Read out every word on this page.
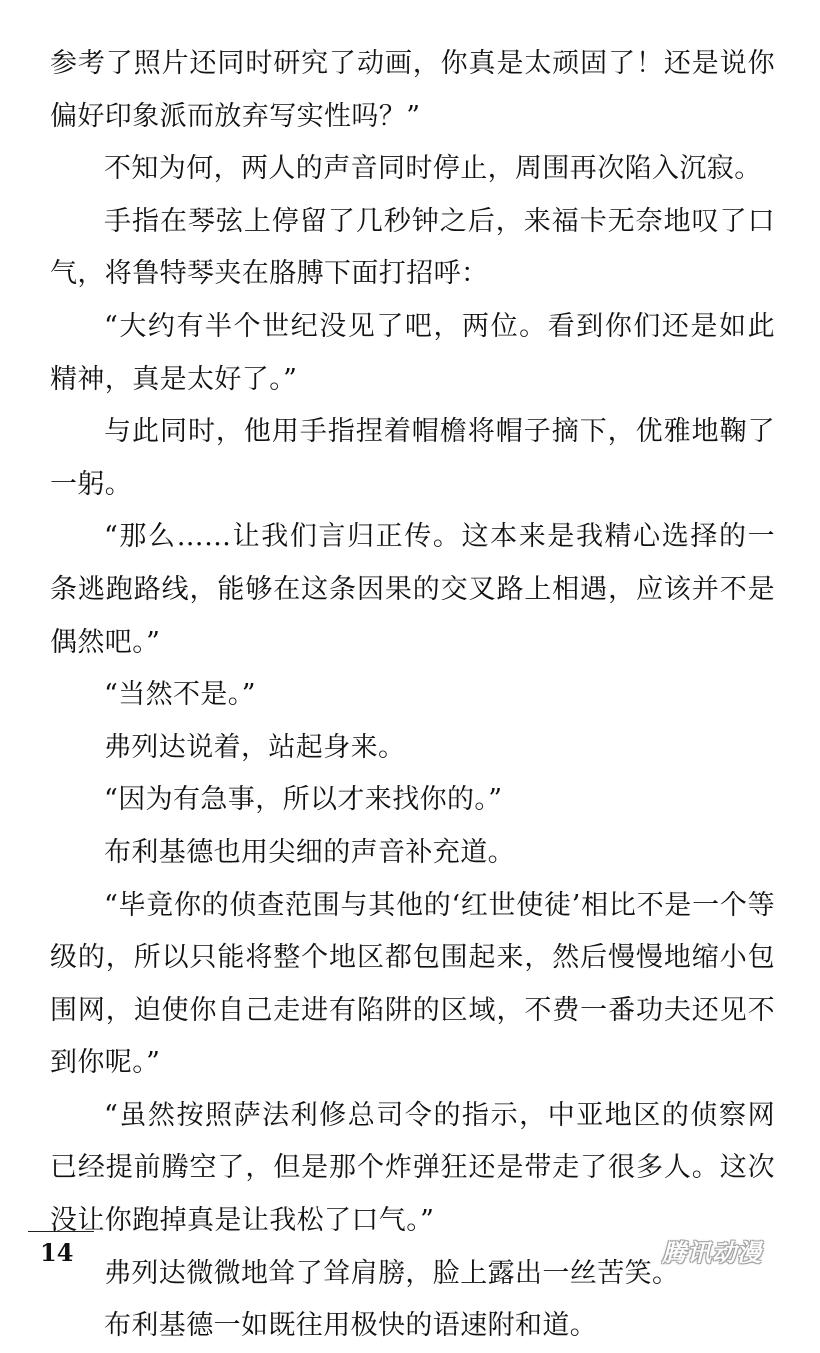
参考了照片还同时研究了动画，你真是太顽固了！还是说你偏好印象派而放弃写实性吗？”

不知为何，两人的声音同时停止，周围再次陷入沉寂。

手指在琴弦上停留了几秒钟之后，来福卡无奈地叹了口气，将鲁特琴夹在胳膊下面打招呼：

“大约有半个世纪没见了吧，两位。看到你们还是如此精神，真是太好了。”

与此同时，他用手指捏着帽檐将帽子摘下，优雅地鞠了一躬。

“那么……让我们言归正传。这本来是我精心选择的一条逃跑路线，能够在这条因果的交叉路上相遇，应该并不是偶然吧。”

“当然不是。”

弗列达说着，站起身来。

“因为有急事，所以才来找你的。”

布利基德也用尖细的声音补充道。

“毕竟你的侦查范围与其他的‘红世使徒’相比不是一个等级的，所以只能将整个地区都包围起来，然后慢慢地缩小包围网，迫使你自己走进有陷阱的区域，不费一番功夫还见不到你呢。”

“虽然按照萨法利修总司令的指示，中亚地区的侦察网已经提前腾空了，但是那个炸弹狂还是带走了很多人。这次没让你跑掉真是让我松了口气。”

弗列达微微地耸了耸肩膀，脸上露出一丝苦笑。

布利基德一如既往用极快的语速附和道。

14	腾讯动漫
